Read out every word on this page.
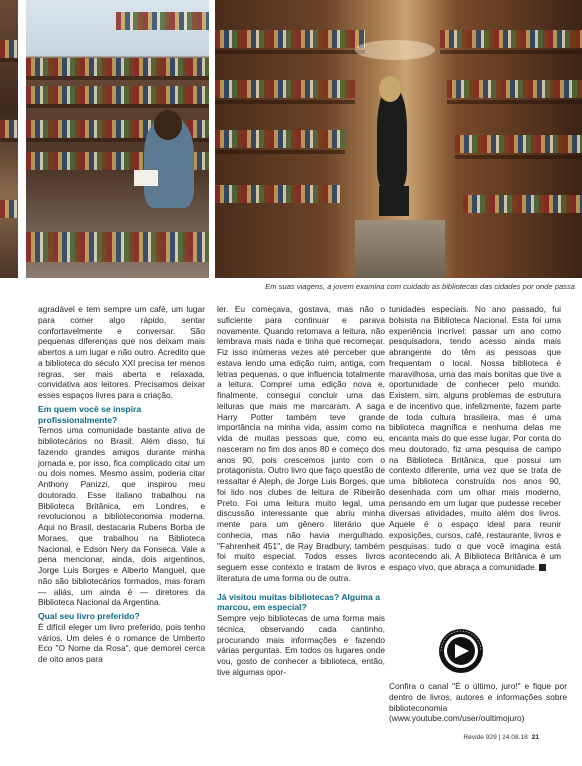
Em suas viagens, a jovem examina com cuidado as bibliotecas das cidades por onde passa

agradável e tem sempre um café, um lugar para comer algo rápido, sentar confortavelmente e conversar. São pequenas diferenças que nos deixam mais abertos a um lugar e não outro. Acredito que a biblioteca do século XXI precisa ter menos regras, ser mais aberta e relaxada, convidativa aos leitores. Precisamos deixar esses espaços livres para a criação.

Em quem você se inspira profissionalmente?

Temos uma comunidade bastante ativa de bibliotecários no Brasil. Além disso, fui fazendo grandes amigos durante minha jornada e, por isso, fica complicado citar um ou dois nomes. Mesmo assim, poderia citar Anthony Panizzi, que inspirou meu doutorado. Esse italiano trabalhou na Biblioteca Britânica, em Londres, e revolucionou a biblioteconomia moderna. Aqui no Brasil, destacaria Rubens Borba de Moraes, que trabalhou na Biblioteca Nacional, e Edson Nery da Fonseca. Vale a pena mencionar, ainda, dois argentinos, Jorge Luis Borges e Alberto Manguel, que não são bibliotecários formados, mas foram — aliás, um ainda é — diretores da Biblioteca Nacional da Argentina.

Qual seu livro preferido?

É difícil eleger um livro preferido, pois tenho vários. Um deles é o romance de Umberto Eco "O Nome da Rosa", que demorei cerca de oito anos para

ler. Eu começava, gostava, mas não o suficiente para continuar e parava novamente. Quando retomava a leitura, não lembrava mais nada e tinha que recomeçar. Fiz isso inúmeras vezes até perceber que estava lendo uma edição ruim, antiga, com letras pequenas, o que influencia totalmente a leitura. Comprei uma edição nova e, finalmente, consegui concluir uma das leituras que mais me marcaram. A saga Harry Potter também teve grande importância na minha vida, assim como na vida de muitas pessoas que, como eu, nasceram no fim dos anos 80 e começo dos anos 90, pois crescemos junto com o protagonista. Outro livro que faço questão de ressaltar é Aleph, de Jorge Luis Borges, que foi lido nos clubes de leitura de Ribeirão Preto. Foi uma leitura muito legal, uma discussão interessante que abriu minha mente para um gênero literário que conhecia, mas não havia mergulhado. "Fahrenheit 451", de Ray Bradbury, também foi muito especial. Todos esses livros seguem esse contexto e tratam de livros e literatura de uma forma ou de outra.

Já visitou muitas bibliotecas? Alguma a marcou, em especial?

Sempre vejo bibliotecas de uma forma mais técnica, observando cada cantinho, procurando mais informações e fazendo várias perguntas. Em todos os lugares onde vou, gosto de conhecer a biblioteca, então, tive algumas opor-

tunidades especiais. No ano passado, fui bolsista na Biblioteca Nacional. Esta foi uma experiência incrível: passar um ano como pesquisadora, tendo acesso ainda mais abrangente do têm as pessoas que frequentam o local. Nossa biblioteca é maravilhosa, uma das mais bonitas que tive a oportunidade de conhecer pelo mundo. Existem, sim, alguns problemas de estrutura e de incentivo que, infelizmente, fazem parte de toda cultura brasileira, mas é uma biblioteca magnífica e nenhuma delas me encanta mais do que esse lugar. Por conta do meu doutorado, fiz uma pesquisa de campo na Biblioteca Britânica, que possui um contexto diferente, uma vez que se trata de uma biblioteca construída nos anos 90, desenhada com um olhar mais moderno, pensando em um lugar que pudesse receber diversas atividades, muito além dos livros. Aquele é o espaço ideal para reunir exposições, cursos, café, restaurante, livros e pesquisas: tudo o que você imagina está acontecendo ali. A Biblioteca Britânica é um espaço vivo, que abraça a comunidade.

Confira o canal "É o último, juro!" e fique por dentro de livros, autores e informações sobre biblioteconomia (www.youtube.com/user/oultimojuro)
Revide 929 | 24.08.18 21
